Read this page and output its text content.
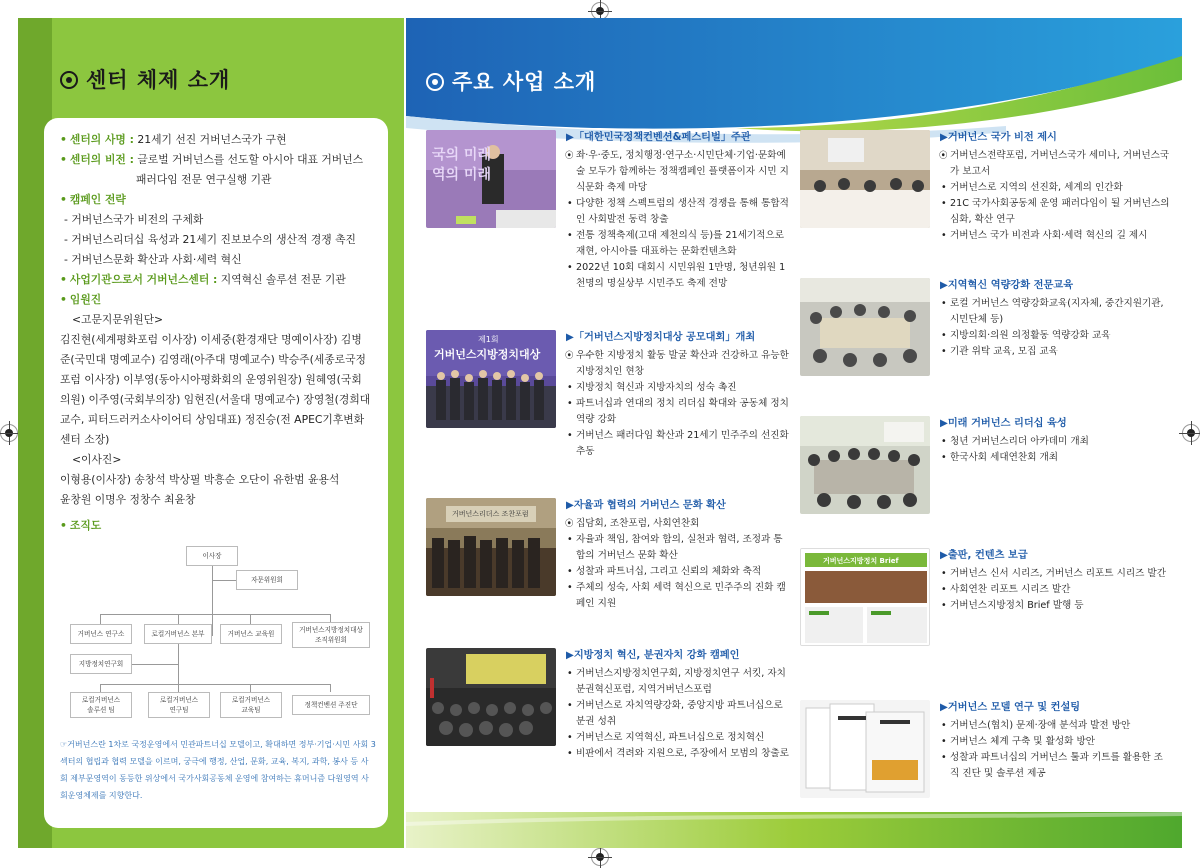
센터 체제 소개
• 센터의 사명 :
21세기 선진 거버넌스국가 구현
• 센터의 비전 :
글로벌 거버넌스를 선도할 아시아 대표 거버넌스
패러다임 전문 연구실행 기관
• 캠페인 전략
- 거버넌스국가 비전의 구체화
- 거버넌스리더십 육성과 21세기 진보보수의 생산적 경쟁 촉진
- 거버넌스문화 확산과 사회·세력 혁신
• 사업기관으로서 거버넌스센터 :
지역혁신 솔루션 전문 기관
• 임원진
<고문지문위원단>
김진현(세계평화포럼 이사장) 이세중(환경재단 명예이사장) 김병
준(국민대 명예교수) 김영래(아주대 명예교수) 박승주(세종로국정
포럼 이사장) 이부영(동아시아평화회의 운영위원장) 원혜영(국회
의원) 이주영(국회부의장) 임현진(서울대 명예교수) 장영철(경희대
교수, 피터드러커소사이어티 상임대표) 정진승(전 APEC기후변화
센터 소장)
<이사진>
이형용(이사장) 송창석 박상필 박흥순 오단이 유한범 윤용석
윤창원 이명우 정창수 최윤창
• 조직도
이사장
자문위원회
거버넌스 연구소	로컬거버넌스 본부	거버넌스 교육원	거버넌스지방정치대상
조직위원회
지방정치연구회
로컬거버넌스
솔루션 팀
로컬거버넌스
연구팀
로컬거버넌스
교육팀
정책컨벤션 주진단
☞거버넌스란 1차로 국정운영에서 민관파트너십 모델이고, 확대하면 정부·기업·시민 사회 3섹터의 협립과 협력 모델을 이르며, 궁극에 행정, 산업, 문화, 교육, 복지, 과학, 봉사 등 사회 제부문영역이 동등한 위상에서 국가사회공동체 운영에 참여하는 휴머니즘 다원영역 사회운영체제를 지향한다.
주요 사업 소개
국의 미래
역의 미래
▶「대한민국정책컨벤션&페스티벌」주관
⦿ 좌·우·중도, 정치행정·연구소·시민단체·기업·문화예술 모두가 함께하는 정책캠페인 플랫폼이자 시민 지식문화 축제 마당
• 다양한 정책 스펙트럼의 생산적 경쟁을 통해 통합적인 사회발전 동력 창출
• 전통 정책축제(고대 제천의식 등)를 21세기적으로 재현, 아시아를 대표하는 문화컨텐츠화
• 2022년 10회 대회시 시민위원 1만명, 청년위원 1천명의 명실상부 시민주도 축제 전망
제1회
거버넌스지방정치대상
▶「거버넌스지방정치대상 공모대회」개최
⦿ 우수한 지방정치 활동 발굴 확산과 건강하고 유능한 지방정치인 현창
• 지방정치 혁신과 지방자치의 성숙 촉진
• 파트너십과 연대의 정치 리더십 확대와 공동체 정치역량 강화
• 거버넌스 패러다임 확산과 21세기 민주주의 선진화 추동
거버넌스리더스 조찬포럼
▶자율과 협력의 거버넌스 문화 확산
⦿ 집담회, 조찬포럼, 사회연찬회
• 자율과 책임, 참여와 합의, 실천과 협력, 조정과 통합의 거버넌스 문화 확산
• 성찰과 파트너십, 그리고 신뢰의 체화와 축적
• 주체의 성숙, 사회 세력 혁신으로 민주주의 진화 캠페인 지원
▶지방정치 혁신, 분권자치 강화 캠페인
• 거버넌스지방정치연구회, 지방정치연구 서킷, 자치분권혁신포럼, 지역거버넌스포럼
• 거버넌스로 자치역량강화, 중앙지방 파트너십으로 분권 성취
• 거버넌스로 지역혁신, 파트너십으로 정치혁신
• 비판에서 격려와 지원으로, 주장에서 모범의 창출로
▶거버넌스 국가 비전 제시
⦿ 거버넌스전략포럼, 거버넌스국가 세미나, 거버넌스국가 보고서
• 거버넌스로 지역의 선진화, 세계의 인간화
• 21C 국가사회공동체 운영 패러다임이 될 거버넌스의 심화, 확산 연구
• 거버넌스 국가 비전과 사회·세력 혁신의 길 제시
▶지역혁신 역량강화 전문교육
• 로컬 거버넌스 역량강화교육(지자체, 중간지원기관, 시민단체 등)
• 지방의회·의원 의정활동 역량강화 교육
• 기관 위탁 교육, 모집 교육
▶미래 거버넌스 리더십 육성
• 청년 거버넌스리더 아카데미 개최
• 한국사회 세대연찬회 개최
거버넌스지방정치 Brief	▶출판, 컨텐츠 보급
• 거버넌스 신서 시리즈, 거버넌스 리포트 시리즈 발간
• 사회연찬 리포트 시리즈 발간
• 거버넌스지방정치 Brief 발행 등
▶거버넌스 모델 연구 및 컨설팅
• 거버넌스(협치) 문제·장애 분석과 발전 방안
• 거버넌스 체계 구축 및 활성화 방안
• 성찰과 파트너십의 거버넌스 툴과 키트를 활용한 조직 진단 및 솔루션 제공
